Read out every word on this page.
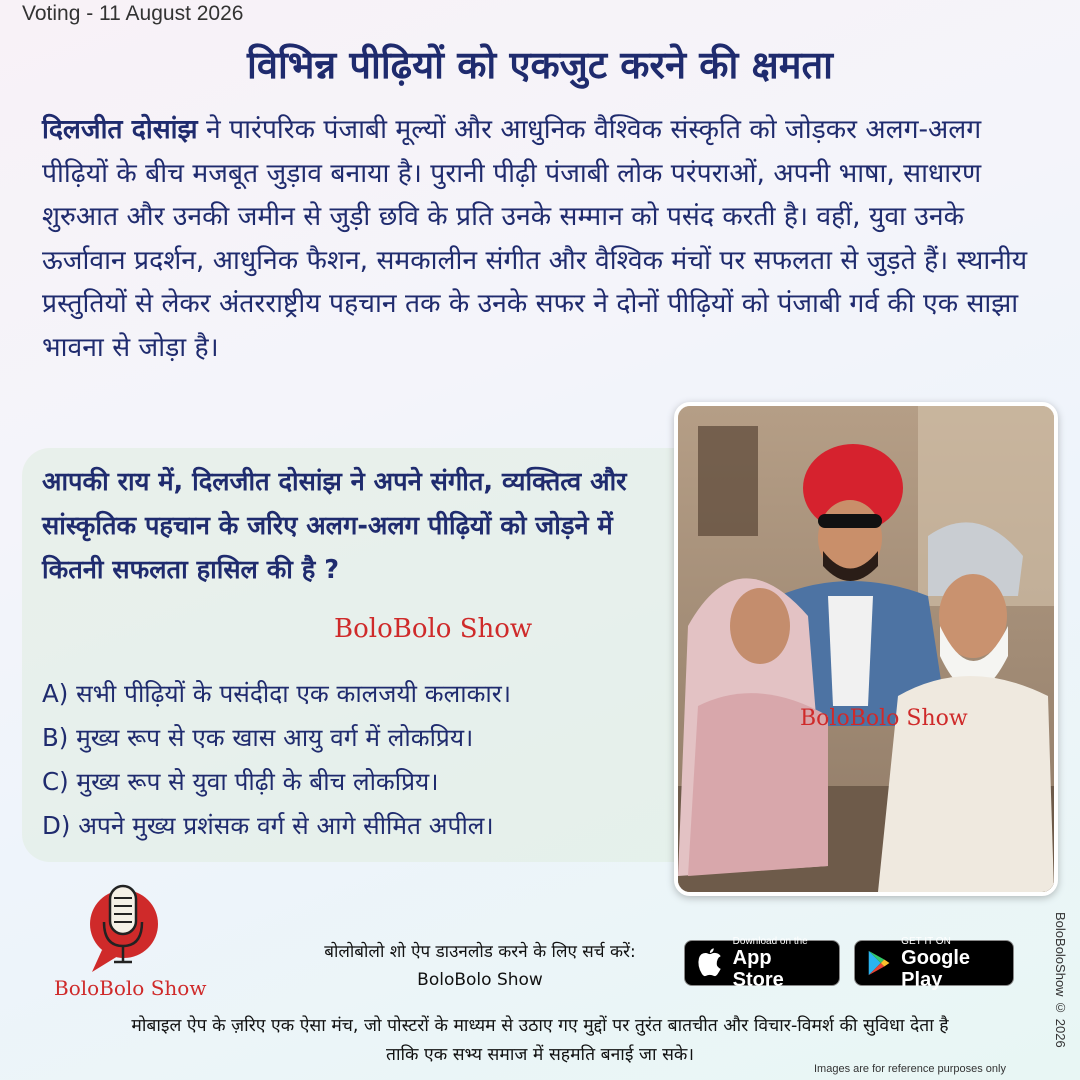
Voting - 11 August 2026
विभिन्न पीढ़ियों को एकजुट करने की क्षमता

दिलजीत दोसांझ ने पारंपरिक पंजाबी मूल्यों और आधुनिक वैश्विक संस्कृति को जोड़कर अलग-अलग पीढ़ियों के बीच मजबूत जुड़ाव बनाया है। पुरानी पीढ़ी पंजाबी लोक परंपराओं, अपनी भाषा, साधारण शुरुआत और उनकी जमीन से जुड़ी छवि के प्रति उनके सम्मान को पसंद करती है। वहीं, युवा उनके ऊर्जावान प्रदर्शन, आधुनिक फैशन, समकालीन संगीत और वैश्विक मंचों पर सफलता से जुड़ते हैं। स्थानीय प्रस्तुतियों से लेकर अंतरराष्ट्रीय पहचान तक के उनके सफर ने दोनों पीढ़ियों को पंजाबी गर्व की एक साझा भावना से जोड़ा है।

आपकी राय में, दिलजीत दोसांझ ने अपने संगीत, व्यक्तित्व और सांस्कृतिक पहचान के जरिए अलग-अलग पीढ़ियों को जोड़ने में कितनी सफलता हासिल की है ?

BoloBolo Show
A) सभी पीढ़ियों के पसंदीदा एक कालजयी कलाकार।
B) मुख्य रूप से एक खास आयु वर्ग में लोकप्रिय।
C) मुख्य रूप से युवा पीढ़ी के बीच लोकप्रिय।
D) अपने मुख्य प्रशंसक वर्ग से आगे सीमित अपील।
BoloBolo Show
BoloBolo Show
बोलोबोलो शो ऐप डाउनलोड करने के लिए सर्च करें:
BoloBolo Show
Download on the
App Store
GET IT ON
Google Play
मोबाइल ऐप के ज़रिए एक ऐसा मंच, जो पोस्टरों के माध्यम से उठाए गए मुद्दों पर तुरंत बातचीत और विचार-विमर्श की सुविधा देता है
ताकि एक सभ्य समाज में सहमति बनाई जा सके।
Images are for reference purposes only
BoloBoloShow © 2026
